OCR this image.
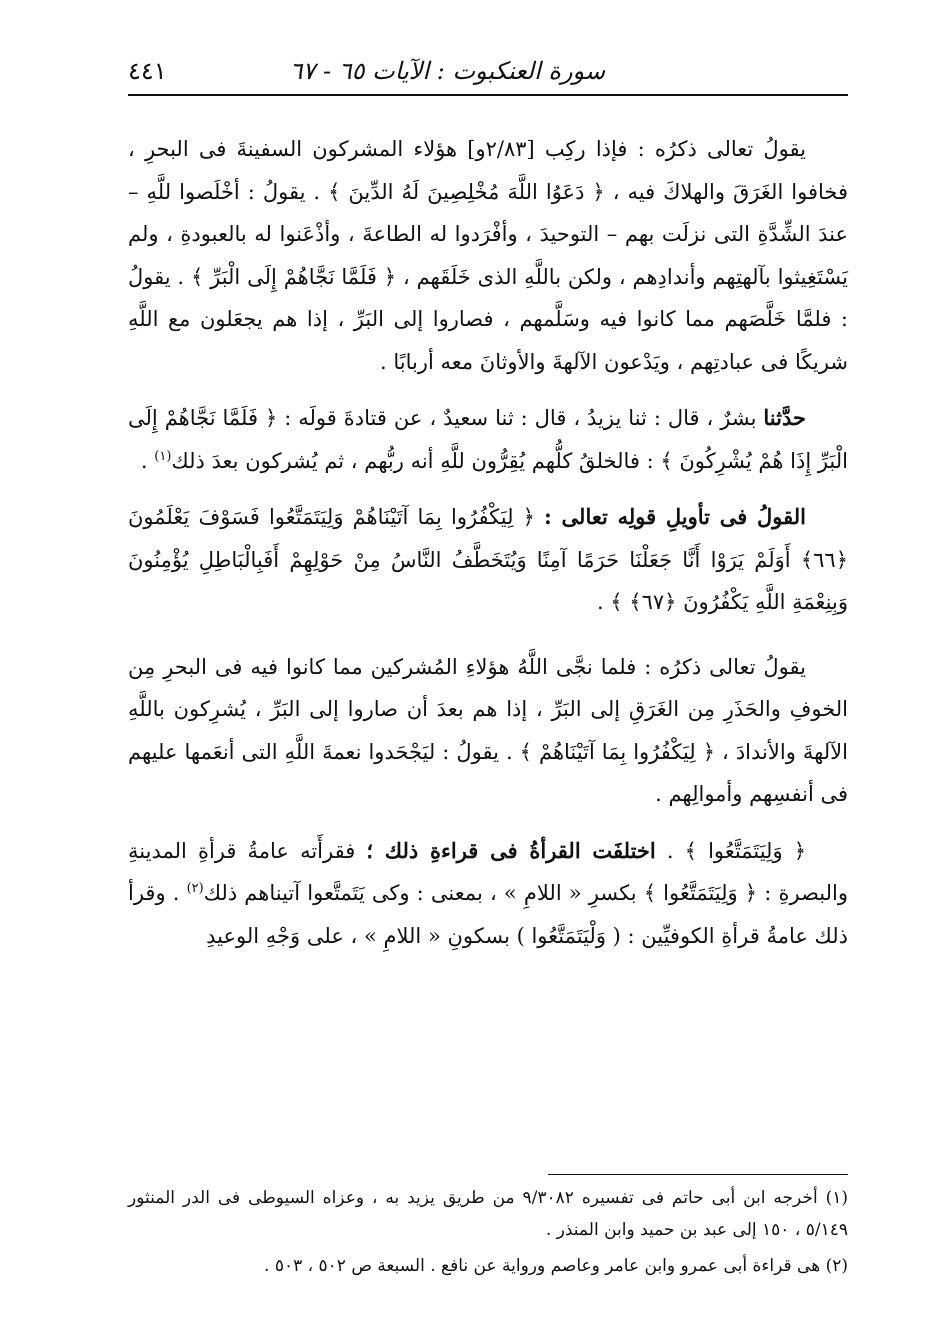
سورة العنكبوت : الآيات ٦٥ - ٦٧
٤٤١

يقولُ تعالى ذكرُه : فإذا ركِب [٢/٨٣و] هؤلاء المشركون السفينةَ فى البحرِ ، فخافوا الغَرَقَ والهلاكَ فيه ، ﴿ دَعَوُا اللَّهَ مُخْلِصِينَ لَهُ الدِّينَ ﴾ . يقولُ : أخْلَصوا للَّهِ – عندَ الشِّدَّةِ التى نزلَت بهم – التوحيدَ ، وأفْرَدوا له الطاعةَ ، وأذْعَنوا له بالعبودةِ ، ولم يَسْتَغِيثوا بآلهتِهم وأندادِهم ، ولكن باللَّهِ الذى خَلَقَهم ، ﴿ فَلَمَّا نَجَّاهُمْ إِلَى الْبَرِّ ﴾ . يقولُ : فلمَّا خَلَّصَهم مما كانوا فيه وسَلَّمهم ، فصاروا إلى البَرِّ ، إذا هم يجعَلون مع اللَّهِ شريكًا فى عبادتِهم ، ويَدْعون الآلهةَ والأوثانَ معه أربابًا .

حدَّثنا بشرٌ ، قال : ثنا يزيدُ ، قال : ثنا سعيدٌ ، عن قتادةَ قولَه : ﴿ فَلَمَّا نَجَّاهُمْ إِلَى الْبَرِّ إِذَا هُمْ يُشْرِكُونَ ﴾ : فالخلقُ كلُّهم يُقِرُّون للَّهِ أنه ربُّهم ، ثم يُشركون بعدَ ذلك$^{(١)}$ .

القولُ فى تأويلِ قولِه تعالى : ﴿ لِيَكْفُرُوا بِمَا آتَيْنَاهُمْ وَلِيَتَمَتَّعُوا فَسَوْفَ يَعْلَمُونَ ﴿٦٦﴾ أَوَلَمْ يَرَوْا أَنَّا جَعَلْنَا حَرَمًا آمِنًا وَيُتَخَطَّفُ النَّاسُ مِنْ حَوْلِهِمْ أَفَبِالْبَاطِلِ يُؤْمِنُونَ وَبِنِعْمَةِ اللَّهِ يَكْفُرُونَ ﴿٦٧﴾ ﴾ .

يقولُ تعالى ذكرُه : فلما نجَّى اللَّهُ هؤلاءِ المُشركين مما كانوا فيه فى البحرِ مِن الخوفِ والحَذَرِ مِن الغَرَقِ إلى البَرِّ ، إذا هم بعدَ أن صاروا إلى البَرِّ ، يُشرِكون باللَّهِ الآلهةَ والأندادَ ، ﴿ لِيَكْفُرُوا بِمَا آتَيْنَاهُمْ ﴾ . يقولُ : ليَجْحَدوا نعمةَ اللَّهِ التى أنعَمها عليهم فى أنفسِهم وأموالِهم .

﴿ وَلِيَتَمَتَّعُوا ﴾ . اختلفَت القرأةُ فى قراءةِ ذلك ؛ فقرأَته عامةُ قرأةِ المدينةِ والبصرةِ : ﴿ وَلِيَتَمَتَّعُوا ﴾ بكسرِ « اللامِ » ، بمعنى : وكى يَتَمتَّعوا آتيناهم ذلك$^{(٢)}$ . وقرأ ذلك عامةُ قرأةِ الكوفيِّين : ( وَلْيَتَمَتَّعُوا ) بسكونِ « اللامِ » ، على وَجْهِ الوعيدِ

(١) أخرجه ابن أبى حاتم فى تفسيره ٩/٣٠٨٢ من طريق يزيد به ، وعزاه السيوطى فى الدر المنثور ٥/١٤٩ ، ١٥٠ إلى عبد بن حميد وابن المنذر .

(٢) هى قراءة أبى عمرو وابن عامر وعاصم ورواية عن نافع . السبعة ص ٥٠٢ ، ٥٠٣ .
